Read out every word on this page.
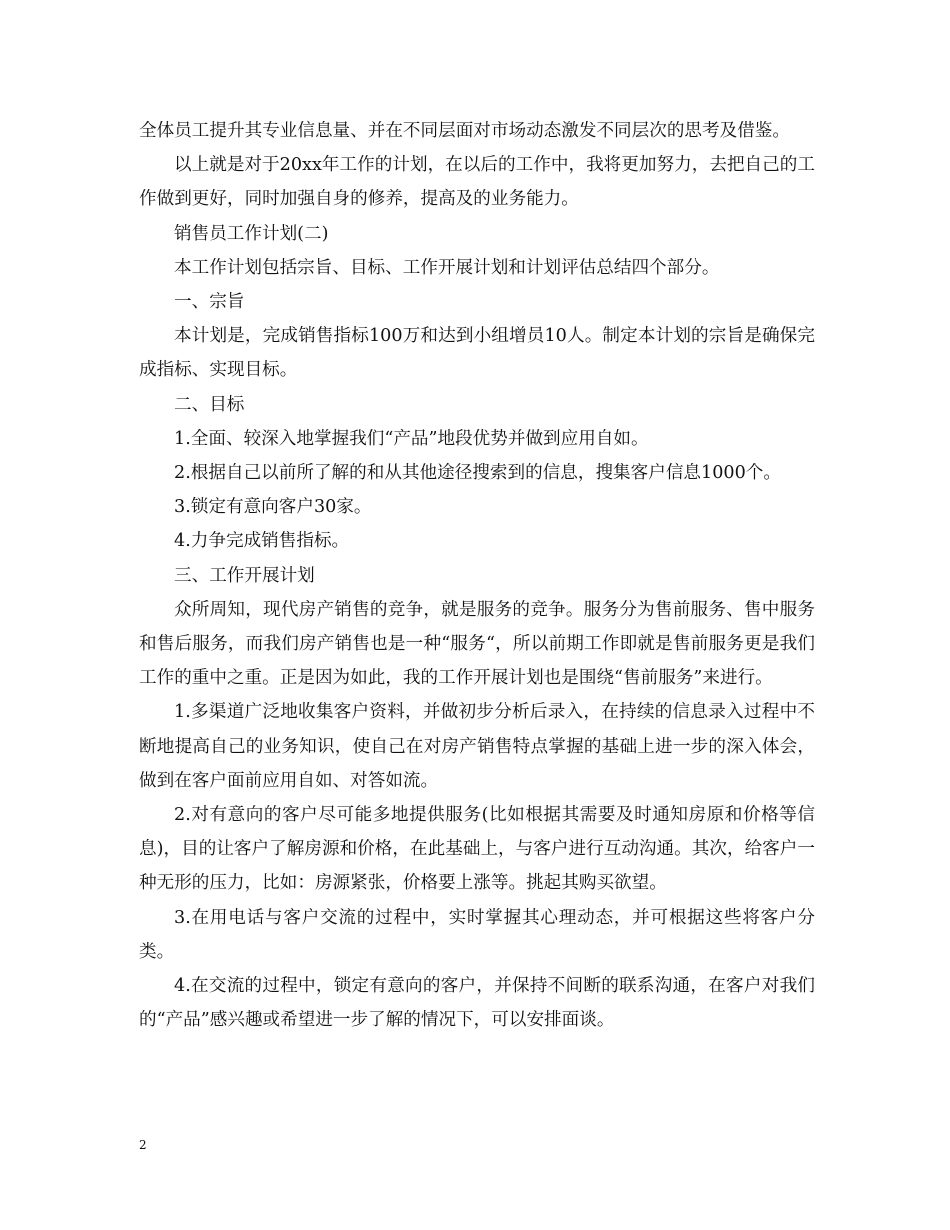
全体员工提升其专业信息量、并在不同层面对市场动态激发不同层次的思考及借鉴。

以上就是对于20xx年工作的计划，在以后的工作中，我将更加努力，去把自己的工作做到更好，同时加强自身的修养，提高及的业务能力。

销售员工作计划(二)

本工作计划包括宗旨、目标、工作开展计划和计划评估总结四个部分。

一、宗旨

本计划是，完成销售指标100万和达到小组增员10人。制定本计划的宗旨是确保完成指标、实现目标。

二、目标

1.全面、较深入地掌握我们“产品”地段优势并做到应用自如。

2.根据自己以前所了解的和从其他途径搜索到的信息，搜集客户信息1000个。

3.锁定有意向客户30家。

4.力争完成销售指标。

三、工作开展计划

众所周知，现代房产销售的竞争，就是服务的竞争。服务分为售前服务、售中服务和售后服务，而我们房产销售也是一种“服务“，所以前期工作即就是售前服务更是我们工作的重中之重。正是因为如此，我的工作开展计划也是围绕“售前服务”来进行。

1.多渠道广泛地收集客户资料，并做初步分析后录入，在持续的信息录入过程中不断地提高自己的业务知识，使自己在对房产销售特点掌握的基础上进一步的深入体会，做到在客户面前应用自如、对答如流。

2.对有意向的客户尽可能多地提供服务(比如根据其需要及时通知房原和价格等信息)，目的让客户了解房源和价格，在此基础上，与客户进行互动沟通。其次，给客户一种无形的压力，比如：房源紧张，价格要上涨等。挑起其购买欲望。

3.在用电话与客户交流的过程中，实时掌握其心理动态，并可根据这些将客户分类。

4.在交流的过程中，锁定有意向的客户，并保持不间断的联系沟通，在客户对我们的“产品”感兴趣或希望进一步了解的情况下，可以安排面谈。

2
